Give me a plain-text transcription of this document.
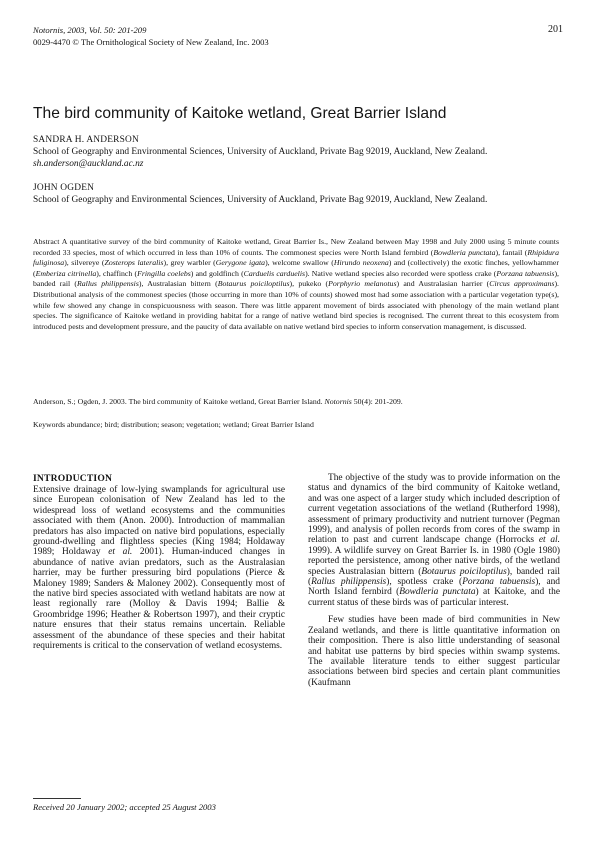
Notornis, 2003, Vol. 50: 201-209
0029-4470 © The Ornithological Society of New Zealand, Inc. 2003
201
The bird community of Kaitoke wetland, Great Barrier Island
SANDRA H. ANDERSON
School of Geography and Environmental Sciences, University of Auckland, Private Bag 92019, Auckland, New Zealand. sh.anderson@auckland.ac.nz
JOHN OGDEN
School of Geography and Environmental Sciences, University of Auckland, Private Bag 92019, Auckland, New Zealand.

Abstract A quantitative survey of the bird community of Kaitoke wetland, Great Barrier Is., New Zealand between May 1998 and July 2000 using 5 minute counts recorded 33 species, most of which occurred in less than 10% of counts. The commonest species were North Island fernbird (Bowdleria punctata), fantail (Rhipidura fuliginosa), silvereye (Zosterops lateralis), grey warbler (Gerygone igata), welcome swallow (Hirundo neoxena) and (collectively) the exotic finches, yellowhammer (Emberiza citrinella), chaffinch (Fringilla coelebs) and goldfinch (Carduelis carduelis). Native wetland species also recorded were spotless crake (Porzana tabuensis), banded rail (Rallus philippensis), Australasian bittern (Botaurus poiciloptilus), pukeko (Porphyrio melanotus) and Australasian harrier (Circus approximans). Distributional analysis of the commonest species (those occurring in more than 10% of counts) showed most had some association with a particular vegetation type(s), while few showed any change in conspicuousness with season. There was little apparent movement of birds associated with phenology of the main wetland plant species. The significance of Kaitoke wetland in providing habitat for a range of native wetland bird species is recognised. The current threat to this ecosystem from introduced pests and development pressure, and the paucity of data available on native wetland bird species to inform conservation management, is discussed.

Anderson, S.; Ogden, J. 2003. The bird community of Kaitoke wetland, Great Barrier Island. Notornis 50(4): 201-209.
Keywords abundance; bird; distribution; season; vegetation; wetland; Great Barrier Island
INTRODUCTION

Extensive drainage of low-lying swamplands for agricultural use since European colonisation of New Zealand has led to the widespread loss of wetland ecosystems and the communities associated with them (Anon. 2000). Introduction of mammalian predators has also impacted on native bird populations, especially ground-dwelling and flightless species (King 1984; Holdaway 1989; Holdaway et al. 2001). Human-induced changes in abundance of native avian predators, such as the Australasian harrier, may be further pressuring bird populations (Pierce & Maloney 1989; Sanders & Maloney 2002). Consequently most of the native bird species associated with wetland habitats are now at least regionally rare (Molloy & Davis 1994; Ballie & Groombridge 1996; Heather & Robertson 1997), and their cryptic nature ensures that their status remains uncertain. Reliable assessment of the abundance of these species and their habitat requirements is critical to the conservation of wetland ecosystems.

The objective of the study was to provide information on the status and dynamics of the bird community of Kaitoke wetland, and was one aspect of a larger study which included description of current vegetation associations of the wetland (Rutherford 1998), assessment of primary productivity and nutrient turnover (Pegman 1999), and analysis of pollen records from cores of the swamp in relation to past and current landscape change (Horrocks et al. 1999). A wildlife survey on Great Barrier Is. in 1980 (Ogle 1980) reported the persistence, among other native birds, of the wetland species Australasian bittern (Botaurus poiciloptilus), banded rail (Rallus philippensis), spotless crake (Porzana tabuensis), and North Island fernbird (Bowdleria punctata) at Kaitoke, and the current status of these birds was of particular interest.

Few studies have been made of bird communities in New Zealand wetlands, and there is little quantitative information on their composition. There is also little understanding of seasonal and habitat use patterns by bird species within swamp systems. The available literature tends to either suggest particular associations between bird species and certain plant communities (Kaufmann

Received 20 January 2002; accepted 25 August 2003
